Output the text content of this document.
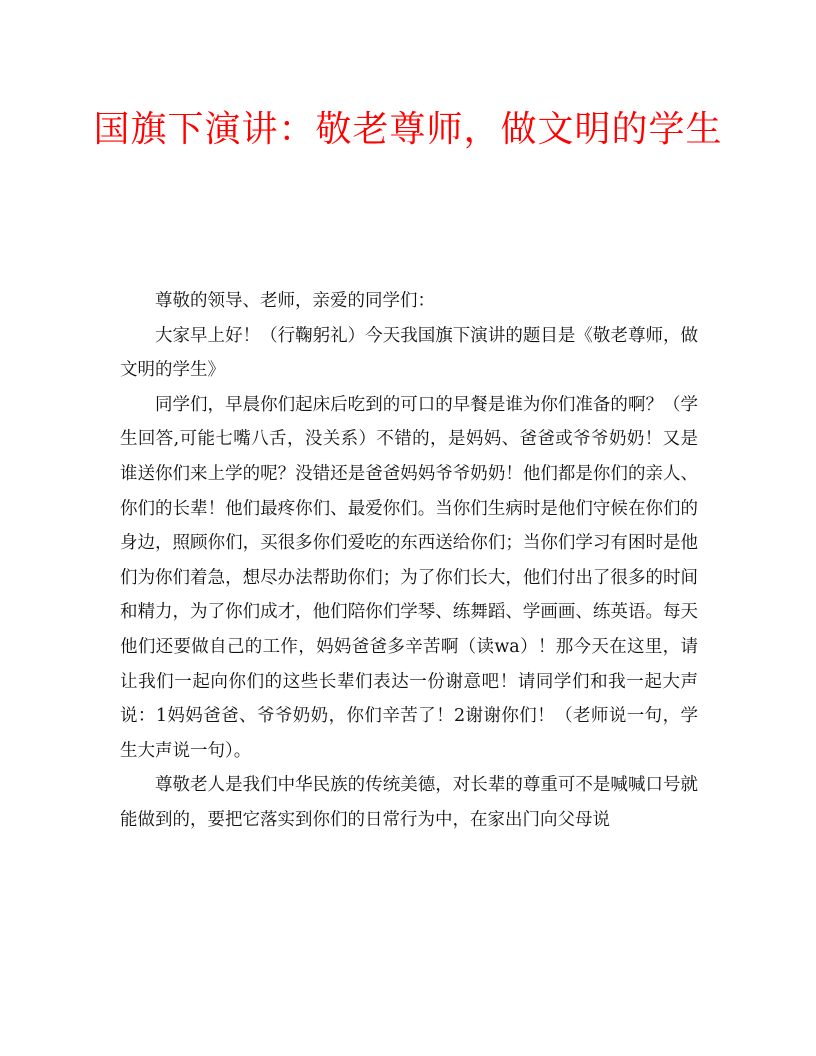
国旗下演讲：敬老尊师，做文明的学生

尊敬的领导、老师，亲爱的同学们：

大家早上好！（行鞠躬礼）今天我国旗下演讲的题目是《敬老尊师，做文明的学生》

同学们，早晨你们起床后吃到的可口的早餐是谁为你们准备的啊？（学生回答,可能七嘴八舌，没关系）不错的，是妈妈、爸爸或爷爷奶奶！又是谁送你们来上学的呢？没错还是爸爸妈妈爷爷奶奶！他们都是你们的亲人、你们的长辈！他们最疼你们、最爱你们。当你们生病时是他们守候在你们的身边，照顾你们，买很多你们爱吃的东西送给你们；当你们学习有困时是他们为你们着急，想尽办法帮助你们；为了你们长大，他们付出了很多的时间和精力，为了你们成才，他们陪你们学琴、练舞蹈、学画画、练英语。每天他们还要做自己的工作，妈妈爸爸多辛苦啊（读wa）！那今天在这里，请让我们一起向你们的这些长辈们表达一份谢意吧！请同学们和我一起大声说：1妈妈爸爸、爷爷奶奶，你们辛苦了！2谢谢你们！（老师说一句，学生大声说一句）。

尊敬老人是我们中华民族的传统美德，对长辈的尊重可不是喊喊口号就能做到的，要把它落实到你们的日常行为中，在家出门向父母说
